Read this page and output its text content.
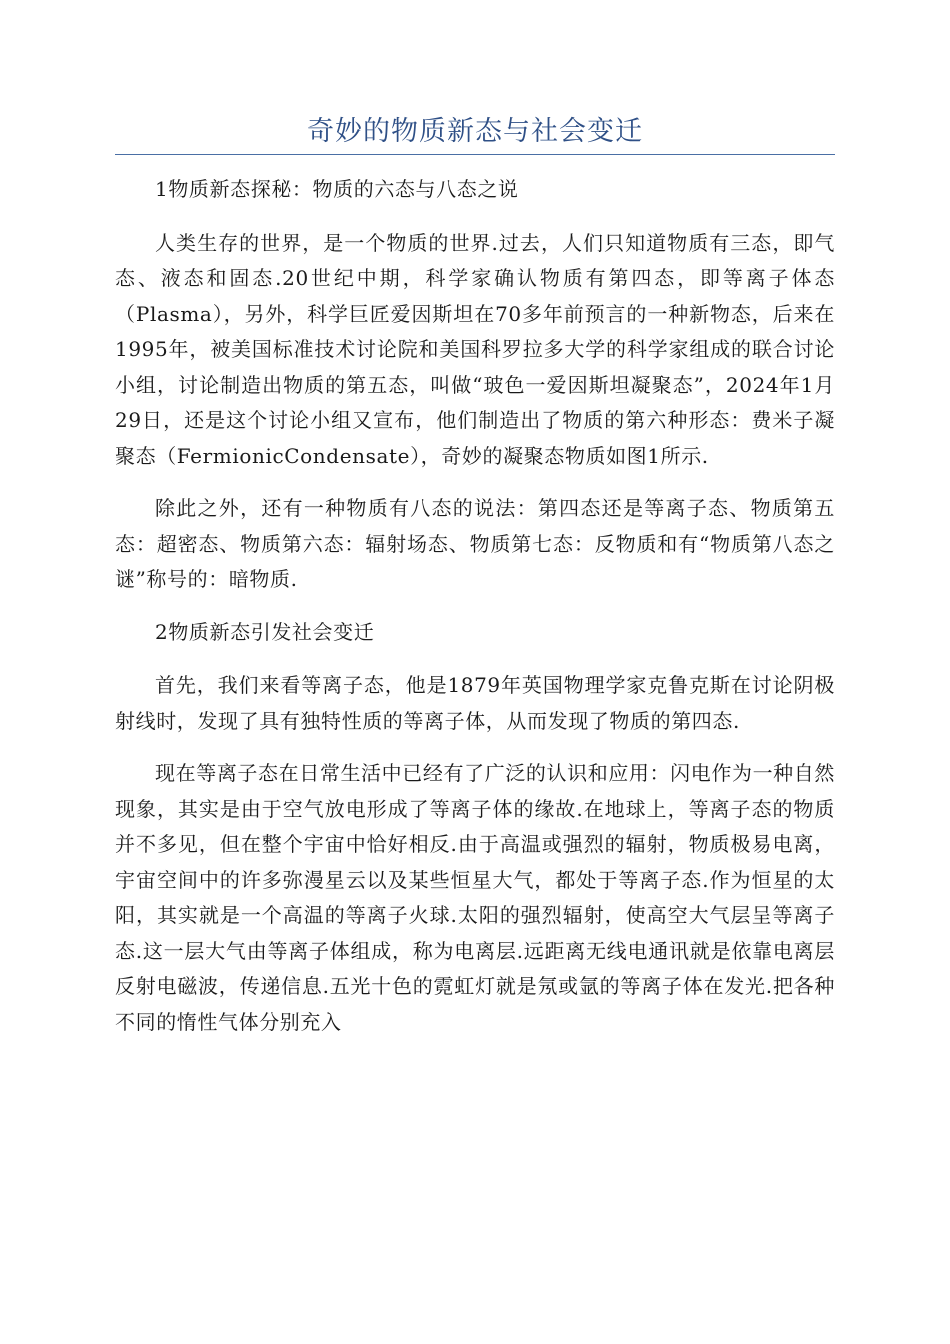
奇妙的物质新态与社会变迁

1物质新态探秘：物质的六态与八态之说

人类生存的世界，是一个物质的世界.过去，人们只知道物质有三态，即气态、液态和固态.20世纪中期，科学家确认物质有第四态，即等离子体态（Plasma），另外，科学巨匠爱因斯坦在70多年前预言的一种新物态，后来在1995年，被美国标准技术讨论院和美国科罗拉多大学的科学家组成的联合讨论小组，讨论制造出物质的第五态，叫做“玻色一爱因斯坦凝聚态”，2024年1月29日，还是这个讨论小组又宣布，他们制造出了物质的第六种形态：费米子凝聚态（FermionicCondensate），奇妙的凝聚态物质如图1所示.

除此之外，还有一种物质有八态的说法：第四态还是等离子态、物质第五态：超密态、物质第六态：辐射场态、物质第七态：反物质和有“物质第八态之谜”称号的：暗物质.

2物质新态引发社会变迁

首先，我们来看等离子态，他是1879年英国物理学家克鲁克斯在讨论阴极射线时，发现了具有独特性质的等离子体，从而发现了物质的第四态.

现在等离子态在日常生活中已经有了广泛的认识和应用：闪电作为一种自然现象，其实是由于空气放电形成了等离子体的缘故.在地球上，等离子态的物质并不多见，但在整个宇宙中恰好相反.由于高温或强烈的辐射，物质极易电离，宇宙空间中的许多弥漫星云以及某些恒星大气，都处于等离子态.作为恒星的太阳，其实就是一个高温的等离子火球.太阳的强烈辐射，使高空大气层呈等离子态.这一层大气由等离子体组成，称为电离层.远距离无线电通讯就是依靠电离层反射电磁波，传递信息.五光十色的霓虹灯就是氖或氩的等离子体在发光.把各种不同的惰性气体分别充入
